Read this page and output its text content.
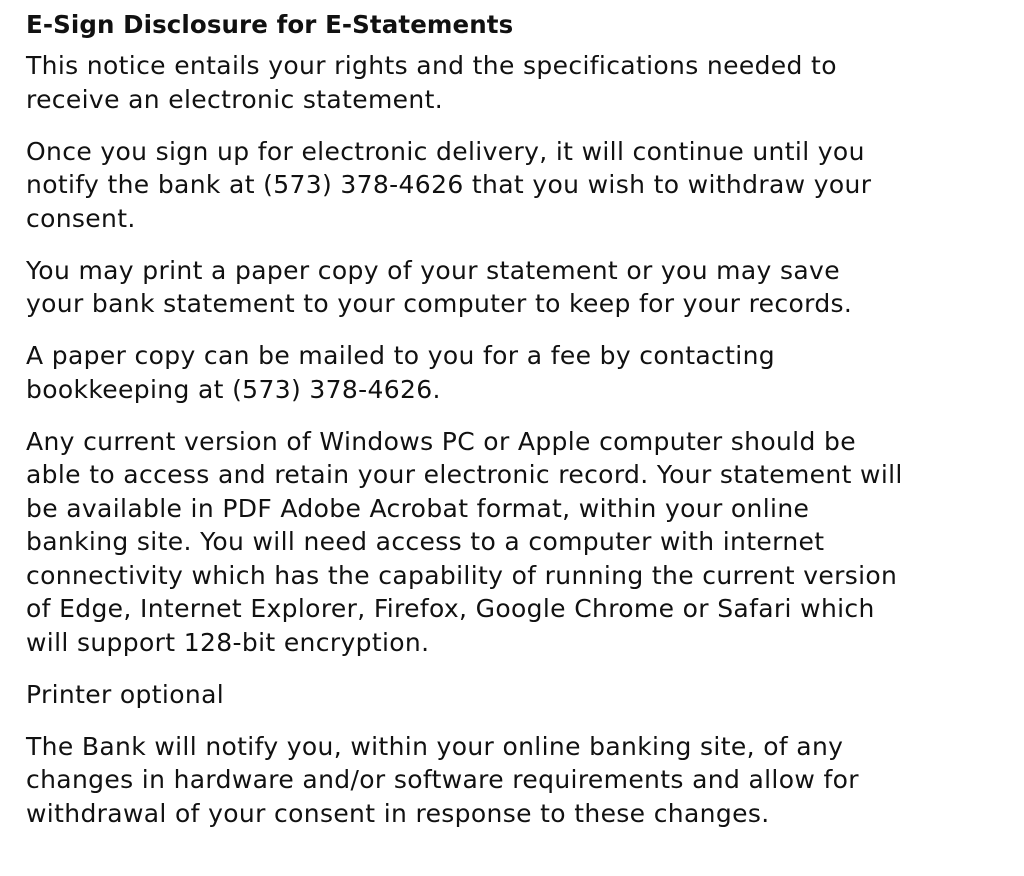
E-Sign Disclosure for E-Statements
This notice entails your rights and the specifications needed to
receive an electronic statement.
Once you sign up for electronic delivery, it will continue until you
notify the bank at (573) 378-4626 that you wish to withdraw your
consent.
You may print a paper copy of your statement or you may save
your bank statement to your computer to keep for your records.
A paper copy can be mailed to you for a fee by contacting
bookkeeping at (573) 378-4626.
Any current version of Windows PC or Apple computer should be
able to access and retain your electronic record. Your statement will
be available in PDF Adobe Acrobat format, within your online
banking site. You will need access to a computer with internet
connectivity which has the capability of running the current version
of Edge, Internet Explorer, Firefox, Google Chrome or Safari which
will support 128-bit encryption.
Printer optional
The Bank will notify you, within your online banking site, of any
changes in hardware and/or software requirements and allow for
withdrawal of your consent in response to these changes.
